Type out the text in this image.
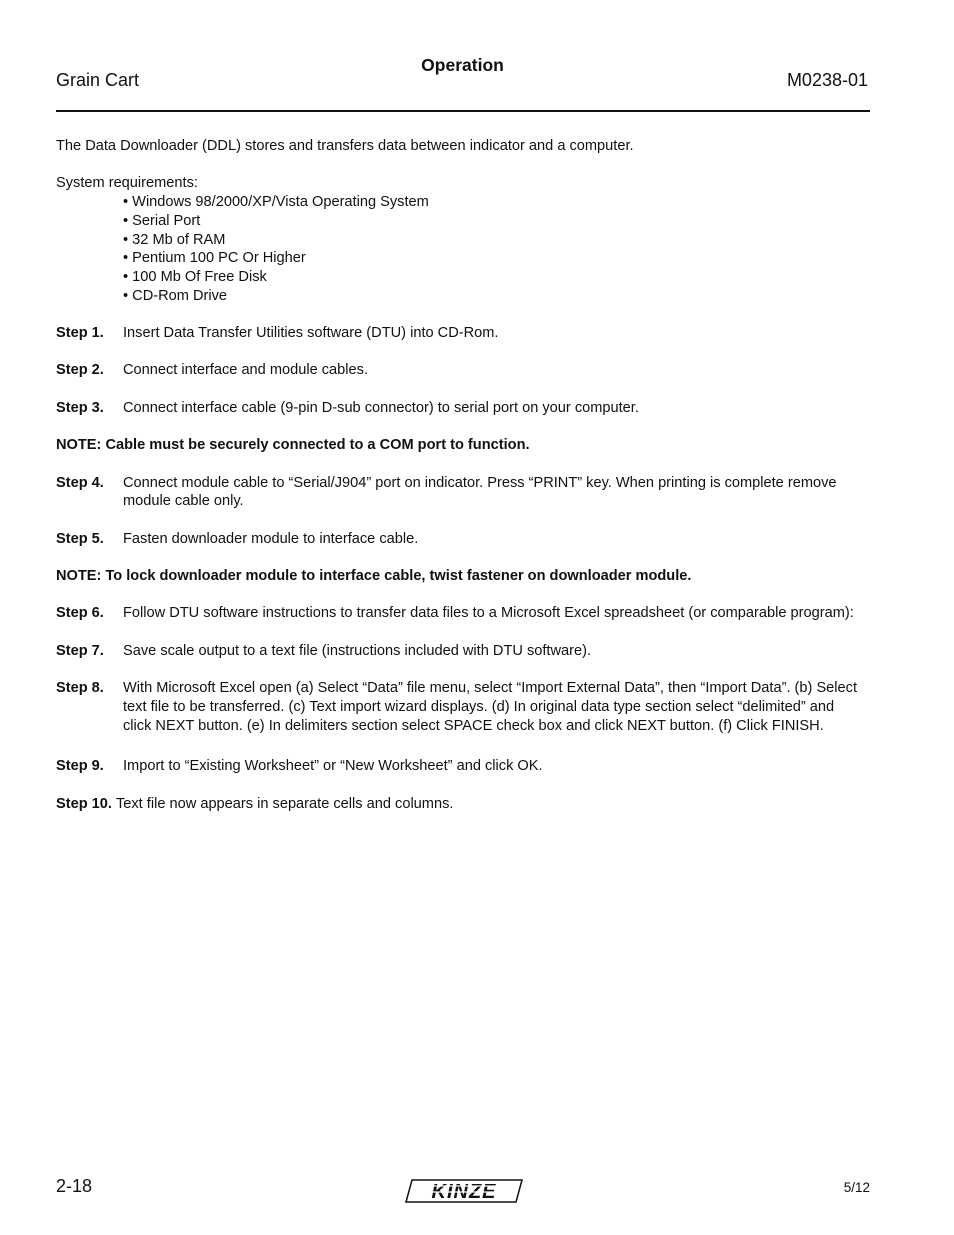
Grain Cart
Operation
M0238-01

The Data Downloader (DDL) stores and transfers data between indicator and a computer.

System requirements:

• Windows 98/2000/XP/Vista Operating System
• Serial Port
• 32 Mb of RAM
• Pentium 100 PC Or Higher
• 100 Mb Of Free Disk
• CD-Rom Drive
Step 1.	Insert Data Transfer Utilities software (DTU) into CD-Rom.
Step 2.	Connect interface and module cables.
Step 3.	Connect interface cable (9-pin D-sub connector) to serial port on your computer.

NOTE: Cable must be securely connected to a COM port to function.

Step 4.	Connect module cable to “Serial/J904” port on indicator. Press “PRINT” key. When printing is complete remove module cable only.
Step 5.	Fasten downloader module to interface cable.

NOTE: To lock downloader module to interface cable, twist fastener on downloader module.

Step 6.	Follow DTU software instructions to transfer data files to a Microsoft Excel spreadsheet (or comparable program):
Step 7.	Save scale output to a text file (instructions included with DTU software).
Step 8.	With Microsoft Excel open (a) Select “Data” file menu, select “Import External Data”, then “Import Data”. (b) Select text file to be transferred. (c) Text import wizard displays. (d) In original data type section select “delimited” and click NEXT button. (e) In delimiters section select SPACE check box and click NEXT button. (f) Click FINISH.
Step 9.	Import to “Existing Worksheet” or “New Worksheet” and click OK.
Step 10. Text file now appears in separate cells and columns.
2-18	KINZE	5/12
